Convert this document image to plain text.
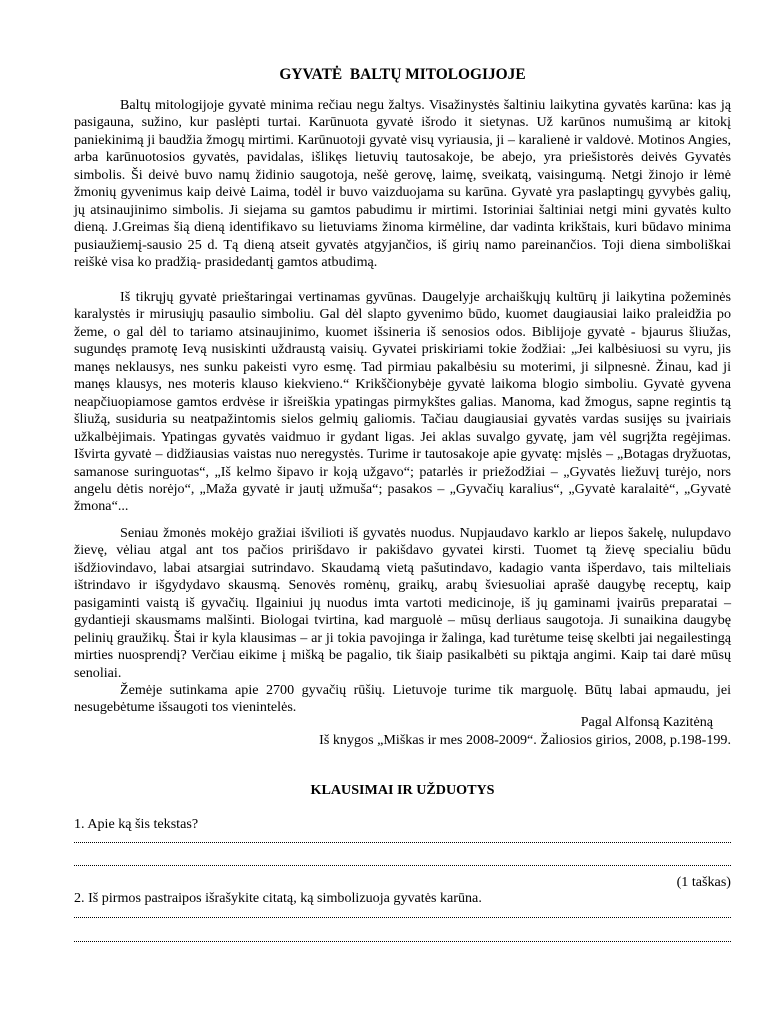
GYVATĖ  BALTŲ MITOLOGIJOJE

Baltų mitologijoje gyvatė minima rečiau negu žaltys. Visažinystės šaltiniu laikytina gyvatės karūna: kas ją pasigauna, sužino, kur paslėpti turtai. Karūnuota gyvatė išrodo it sietynas. Už karūnos numušimą ar kitokį paniekinimą ji baudžia žmogų mirtimi. Karūnuotoji gyvatė visų vyriausia, ji – karalienė ir valdovė. Motinos Angies, arba karūnuotosios gyvatės, pavidalas, išlikęs lietuvių tautosakoje, be abejo, yra priešistorės deivės Gyvatės simbolis. Ši deivė buvo namų židinio saugotoja, nešė gerovę, laimę, sveikatą, vaisingumą. Netgi žinojo ir lėmė žmonių gyvenimus kaip deivė Laima, todėl ir buvo vaizduojama su karūna. Gyvatė yra paslaptingų gyvybės galių, jų atsinaujinimo simbolis. Ji siejama su gamtos pabudimu ir mirtimi. Istoriniai šaltiniai netgi mini gyvatės kulto dieną. J.Greimas šią dieną identifikavo su lietuviams žinoma kirmėline, dar vadinta krikštais, kuri būdavo minima pusiaužiemį-sausio 25 d. Tą dieną atseit gyvatės atgyjančios, iš girių namo pareinančios. Toji diena simboliškai reiškė visa ko pradžią- prasidedantį gamtos atbudimą.

Iš tikrųjų gyvatė prieštaringai vertinamas gyvūnas. Daugelyje archaiškųjų kultūrų ji laikytina požeminės karalystės ir mirusiųjų pasaulio simboliu. Gal dėl slapto gyvenimo būdo, kuomet daugiausiai laiko praleidžia po žeme, o gal dėl to tariamo atsinaujinimo, kuomet išsineria iš senosios odos. Biblijoje gyvatė - bjaurus šliužas, sugundęs pramotę Ievą nusiskinti uždraustą vaisių. Gyvatei priskiriami tokie žodžiai: „Jei kalbėsiuosi su vyru, jis manęs neklausys, nes sunku pakeisti vyro esmę. Tad pirmiau pakalbėsiu su moterimi, ji silpnesnė. Žinau, kad ji manęs klausys, nes moteris klauso kiekvieno.“ Krikščionybėje gyvatė laikoma blogio simboliu. Gyvatė gyvena neapčiuopiamose gamtos erdvėse ir išreiškia ypatingas pirmykštes galias. Manoma, kad žmogus, sapne regintis tą šliužą, susiduria su neatpažintomis sielos gelmių galiomis. Tačiau daugiausiai gyvatės vardas susijęs su įvairiais užkalbėjimais. Ypatingas gyvatės vaidmuo ir gydant ligas. Jei aklas suvalgo gyvatę, jam vėl sugrįžta regėjimas. Išvirta gyvatė – didžiausias vaistas nuo neregystės. Turime ir tautosakoje apie gyvatę: mįslės – „Botagas dryžuotas, samanose suringuotas“, „Iš kelmo šipavo ir koją užgavo“; patarlės ir priežodžiai – „Gyvatės liežuvį turėjo, nors angelu dėtis norėjo“, „Maža gyvatė ir jautį užmuša“; pasakos – „Gyvačių karalius“, „Gyvatė karalaitė“, „Gyvatė žmona“...

Seniau žmonės mokėjo gražiai išvilioti iš gyvatės nuodus. Nupjaudavo karklo ar liepos šakelę, nulupdavo žievę, vėliau atgal ant tos pačios pririšdavo ir pakišdavo gyvatei kirsti. Tuomet tą žievę specialiu būdu išdžiovindavo, labai atsargiai sutrindavo. Skaudamą vietą pašutindavo, kadagio vanta išperdavo, tais milteliais ištrindavo ir išgydydavo skausmą. Senovės romėnų, graikų, arabų šviesuoliai aprašė daugybę receptų, kaip pasigaminti vaistą iš gyvačių. Ilgainiui jų nuodus imta vartoti medicinoje, iš jų gaminami įvairūs preparatai – gydantieji skausmams malšinti. Biologai tvirtina, kad marguolė – mūsų derliaus saugotoja. Ji sunaikina daugybę pelinių graužikų. Štai ir kyla klausimas – ar ji tokia pavojinga ir žalinga, kad turėtume teisę skelbti jai negailestingą mirties nuosprendį? Verčiau eikime į mišką be pagalio, tik šiaip pasikalbėti su piktąja angimi. Kaip tai darė mūsų senoliai.

Žemėje sutinkama apie 2700 gyvačių rūšių. Lietuvoje turime tik marguolę. Būtų labai apmaudu, jei nesugebėtume išsaugoti tos vienintelės.

Pagal Alfonsą Kazitėną
Iš knygos „Miškas ir mes 2008-2009“. Žaliosios girios, 2008, p.198-199.
KLAUSIMAI IR UŽDUOTYS
1. Apie ką šis tekstas?
(1 taškas)
2. Iš pirmos pastraipos išrašykite citatą, ką simbolizuoja gyvatės karūna.
